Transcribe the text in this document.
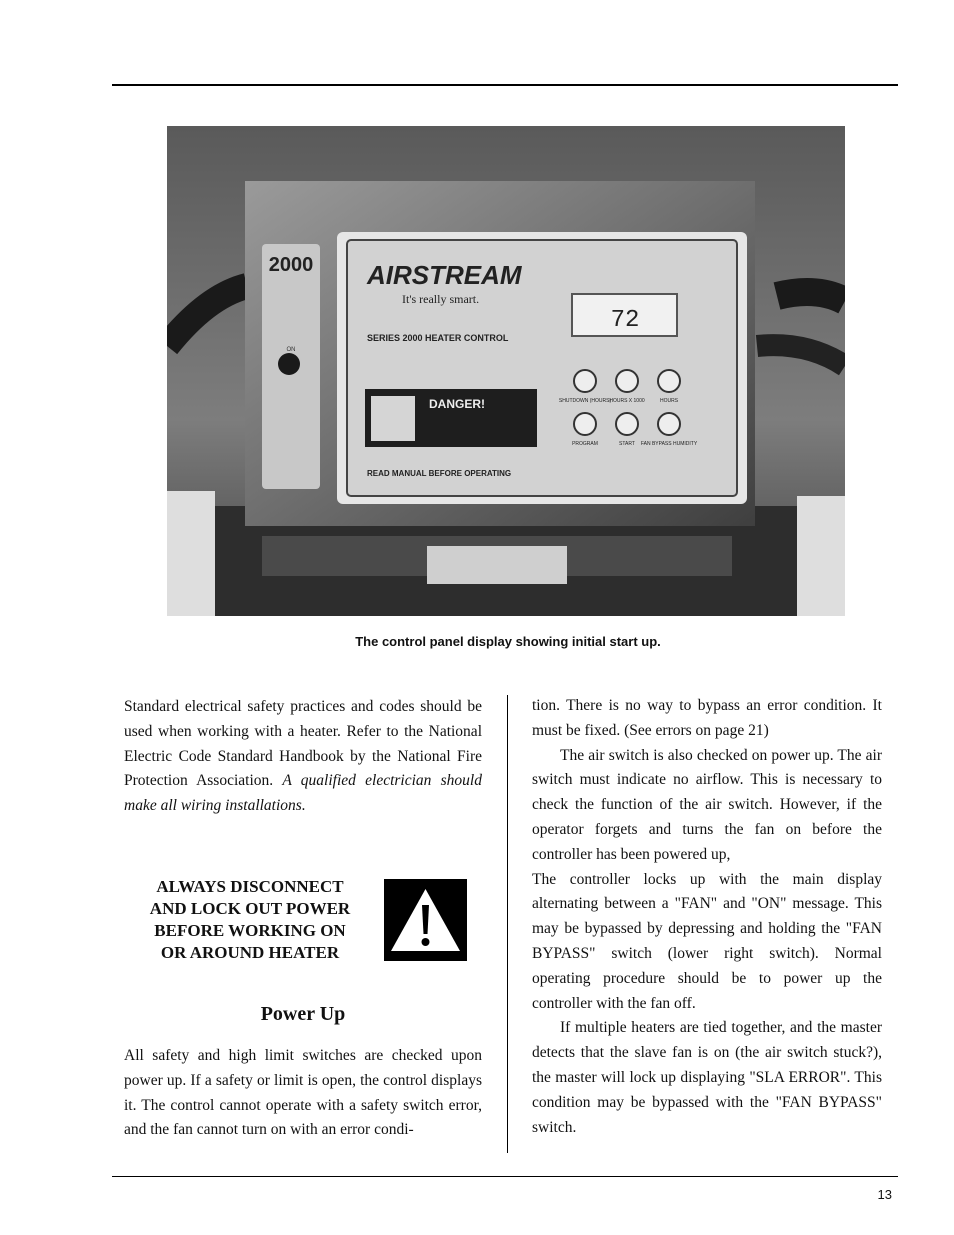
2000
ON
AIRSTREAM
It's really smart.
SERIES 2000 HEATER CONTROL
72
DANGER!
READ MANUAL BEFORE OPERATING
SHUTDOWN (HOURS)
HOURS X 1000	HOURS
PROGRAM	START FAN BYPASS HUMIDITY
The control panel display showing initial start up.

Standard electrical safety practices and codes should be used when working with a heater. Refer to the National Electric Code Standard Handbook by the National Fire Protection Association. A qualified electrician should make all wiring installations.

ALWAYS DISCONNECT
AND LOCK OUT POWER
BEFORE WORKING ON
OR AROUND HEATER
Power Up

All safety and high limit switches are checked upon power up. If a safety or limit is open, the control displays it. The control cannot operate with a safety switch error, and the fan cannot turn on with an error condi-

tion. There is no way to bypass an error condition. It must be fixed. (See errors on page 21)

The air switch is also checked on power up. The air switch must indicate no airflow. This is necessary to check the function of the air switch. However, if the operator forgets and turns the fan on before the controller has been powered up,

The controller locks up with the main display alternating between a "FAN" and "ON" message. This may be bypassed by depressing and holding the "FAN BYPASS" switch (lower right switch). Normal operating procedure should be to power up the controller with the fan off.

If multiple heaters are tied together, and the master detects that the slave fan is on (the air switch stuck?), the master will lock up displaying "SLA ERROR". This condition may be bypassed with the "FAN BYPASS" switch.

13
